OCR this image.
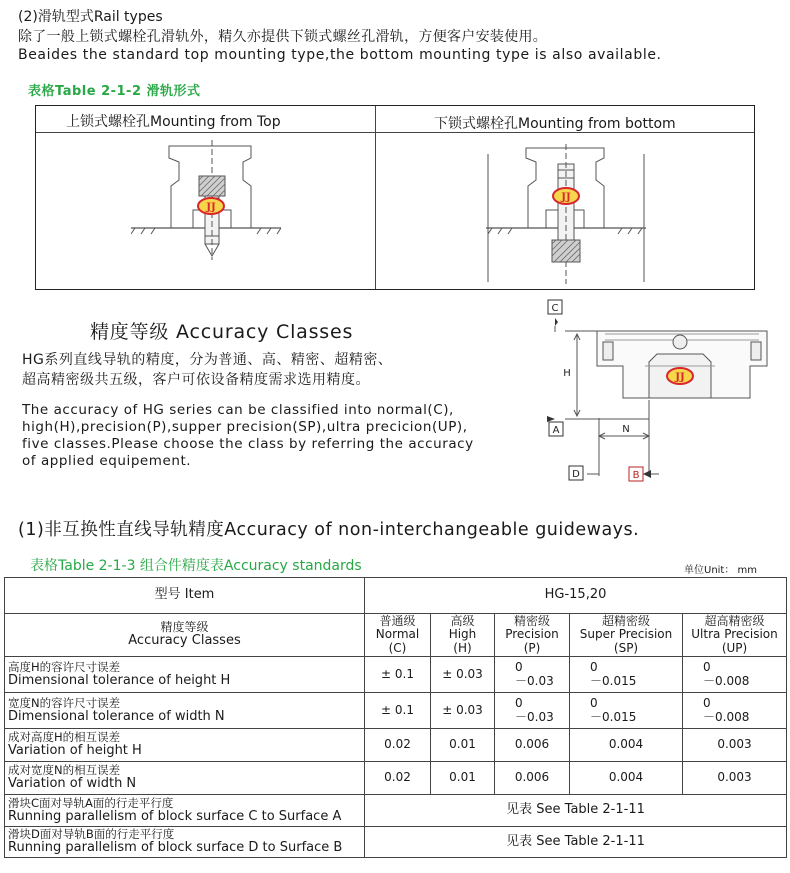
(2)滑轨型式Rail types
除了一般上锁式螺栓孔滑轨外，精久亦提供下锁式螺丝孔滑轨，方便客户安装使用。
Beaides the standard top mounting type,the bottom mounting type is also available.
表格Table 2-1-2 滑轨形式
上锁式螺栓孔Mounting from Top	下锁式螺栓孔Mounting from bottom
JJ
JJ
精度等级 Accuracy Classes
HG系列直线导轨的精度，分为普通、高、精密、超精密、
超高精密级共五级，客户可依设备精度需求选用精度。
The accuracy of HG series can be classified into normal(C),
high(H),precision(P),supper precision(SP),ultra precicion(UP),
five classes.Please choose the class by referring the accuracy
of applied equipement.
C
H
A	N
D	B
JJ
(1)非互换性直线导轨精度Accuracy of non-interchangeable guideways.
表格Table 2-1-3 组合件精度表Accuracy standards	单位Unit： mm
型号 Item	HG-15,20				

精度等级
Accuracy Classes	普通级
Normal
(C)	高级
High
(H)	精密级
Precision
(P)	超精密级
Super Precision
(SP)	超高精密级
Ultra Precision
(UP)

高度H的容许尺寸误差
Dimensional tolerance of height H	± 0.1	± 0.03	0
－0.03	0
－0.015	0
－0.008

宽度N的容许尺寸误差
Dimensional tolerance of width N	± 0.1	± 0.03	0
－0.03	0
－0.015	0
－0.008

成对高度H的相互误差
Variation of height H	0.02	0.01	0.006	0.004	0.003

成对宽度N的相互误差
Variation of width N	0.02	0.01	0.006	0.004	0.003

滑块C面对导轨A面的行走平行度
Running parallelism of block surface C to Surface A	见表 See Table 2-1-11				

滑块D面对导轨B面的行走平行度
Running parallelism of block surface D to Surface B	见表 See Table 2-1-11				
